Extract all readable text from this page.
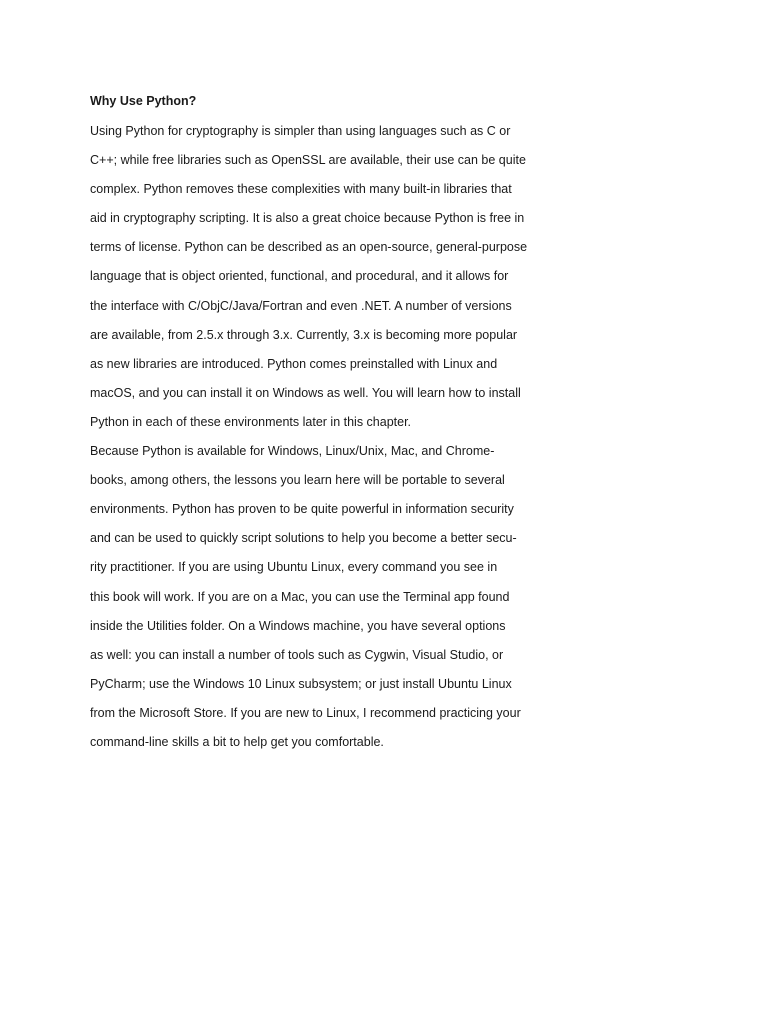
Why Use Python?
Using Python for cryptography is simpler than using languages such as C or
C++; while free libraries such as OpenSSL are available, their use can be quite
complex. Python removes these complexities with many built-in libraries that
aid in cryptography scripting. It is also a great choice because Python is free in
terms of license. Python can be described as an open-source, general-purpose
language that is object oriented, functional, and procedural, and it allows for
the interface with C/ObjC/Java/Fortran and even .NET. A number of versions
are available, from 2.5.x through 3.x. Currently, 3.x is becoming more popular
as new libraries are introduced. Python comes preinstalled with Linux and
macOS, and you can install it on Windows as well. You will learn how to install
Python in each of these environments later in this chapter.
Because Python is available for Windows, Linux/Unix, Mac, and Chrome-
books, among others, the lessons you learn here will be portable to several
environments. Python has proven to be quite powerful in information security
and can be used to quickly script solutions to help you become a better secu-
rity practitioner. If you are using Ubuntu Linux, every command you see in
this book will work. If you are on a Mac, you can use the Terminal app found
inside the Utilities folder. On a Windows machine, you have several options
as well: you can install a number of tools such as Cygwin, Visual Studio, or
PyCharm; use the Windows 10 Linux subsystem; or just install Ubuntu Linux
from the Microsoft Store. If you are new to Linux, I recommend practicing your
command-line skills a bit to help get you comfortable.
